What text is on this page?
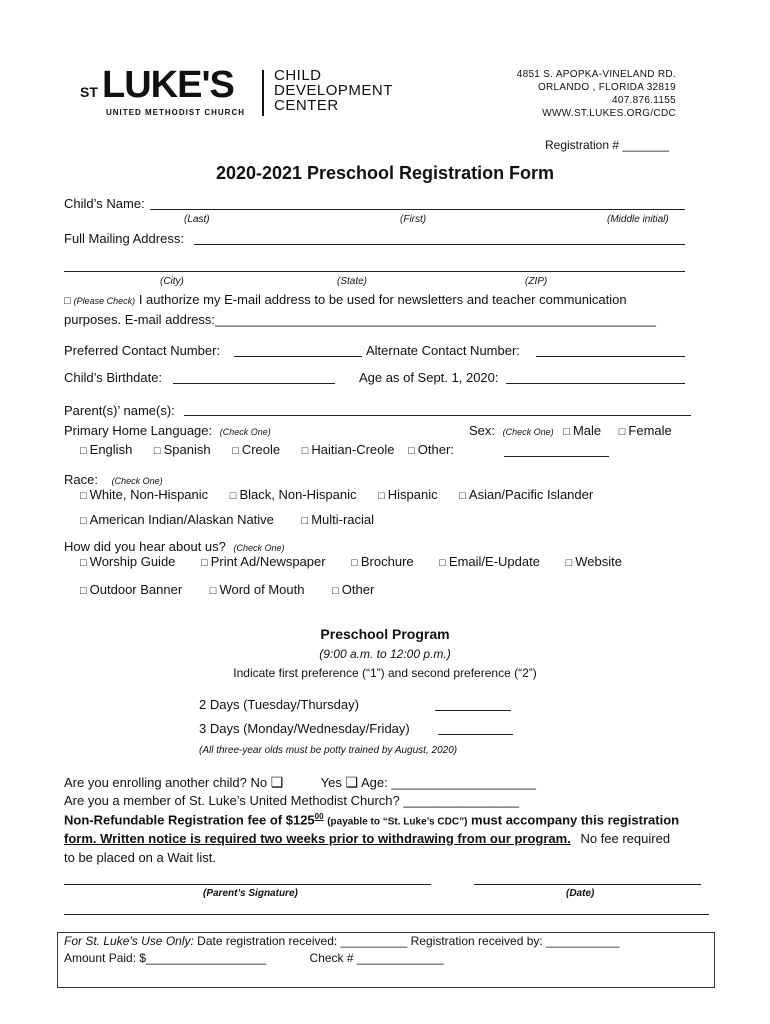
ST LUKE'S
UNITED METHODIST CHURCH
CHILD
DEVELOPMENT
CENTER
4851 S. APOPKA-VINELAND RD.
ORLANDO , FLORIDA 32819
407.876.1155
WWW.ST.LUKES.ORG/CDC
Registration # _______
2020-2021 Preschool Registration Form
Child’s Name:
(Last)	(First)	(Middle initial)
Full Mailing Address:
(City)	(State)	(ZIP)
□ (Please Check) I authorize my E-mail address to be used for newsletters and teacher communication
purposes. E-mail address:_____________________________________________________________
Preferred Contact Number:	Alternate Contact Number:
Child’s Birthdate:	Age as of Sept. 1, 2020:
Parent(s)’ name(s):
Primary Home Language: (Check One)	Sex: (Check One) □ Male □ Female
□ English □ Spanish □ Creole □ Haitian-Creole □ Other:
Race: (Check One)
□ White, Non-Hispanic □ Black, Non-Hispanic □ Hispanic □ Asian/Pacific Islander
□ American Indian/Alaskan Native	□ Multi-racial
How did you hear about us? (Check One)
□ Worship Guide □ Print Ad/Newspaper □ Brochure □ Email/E-Update □ Website
□ Outdoor Banner	□ Word of Mouth	□ Other
Preschool Program
(9:00 a.m. to 12:00 p.m.)
Indicate first preference (“1”) and second preference (“2”)
2 Days (Tuesday/Thursday)
3 Days (Monday/Wednesday/Friday)
(All three-year olds must be potty trained by August, 2020)
Are you enrolling another child? No ❑	Yes ❑ Age: ____________________
Are you a member of St. Luke’s United Methodist Church? ________________
Non-Refundable Registration fee of $\$125^{00}$ (payable to “St. Luke’s CDC”) must accompany this registration
form. Written notice is required two weeks prior to withdrawing from our program. No fee required
to be placed on a Wait list.
(Parent’s Signature)	(Date)
For St. Luke’s Use Only: Date registration received: __________ Registration received by: ___________
Amount Paid: $__________________	Check # _____________
